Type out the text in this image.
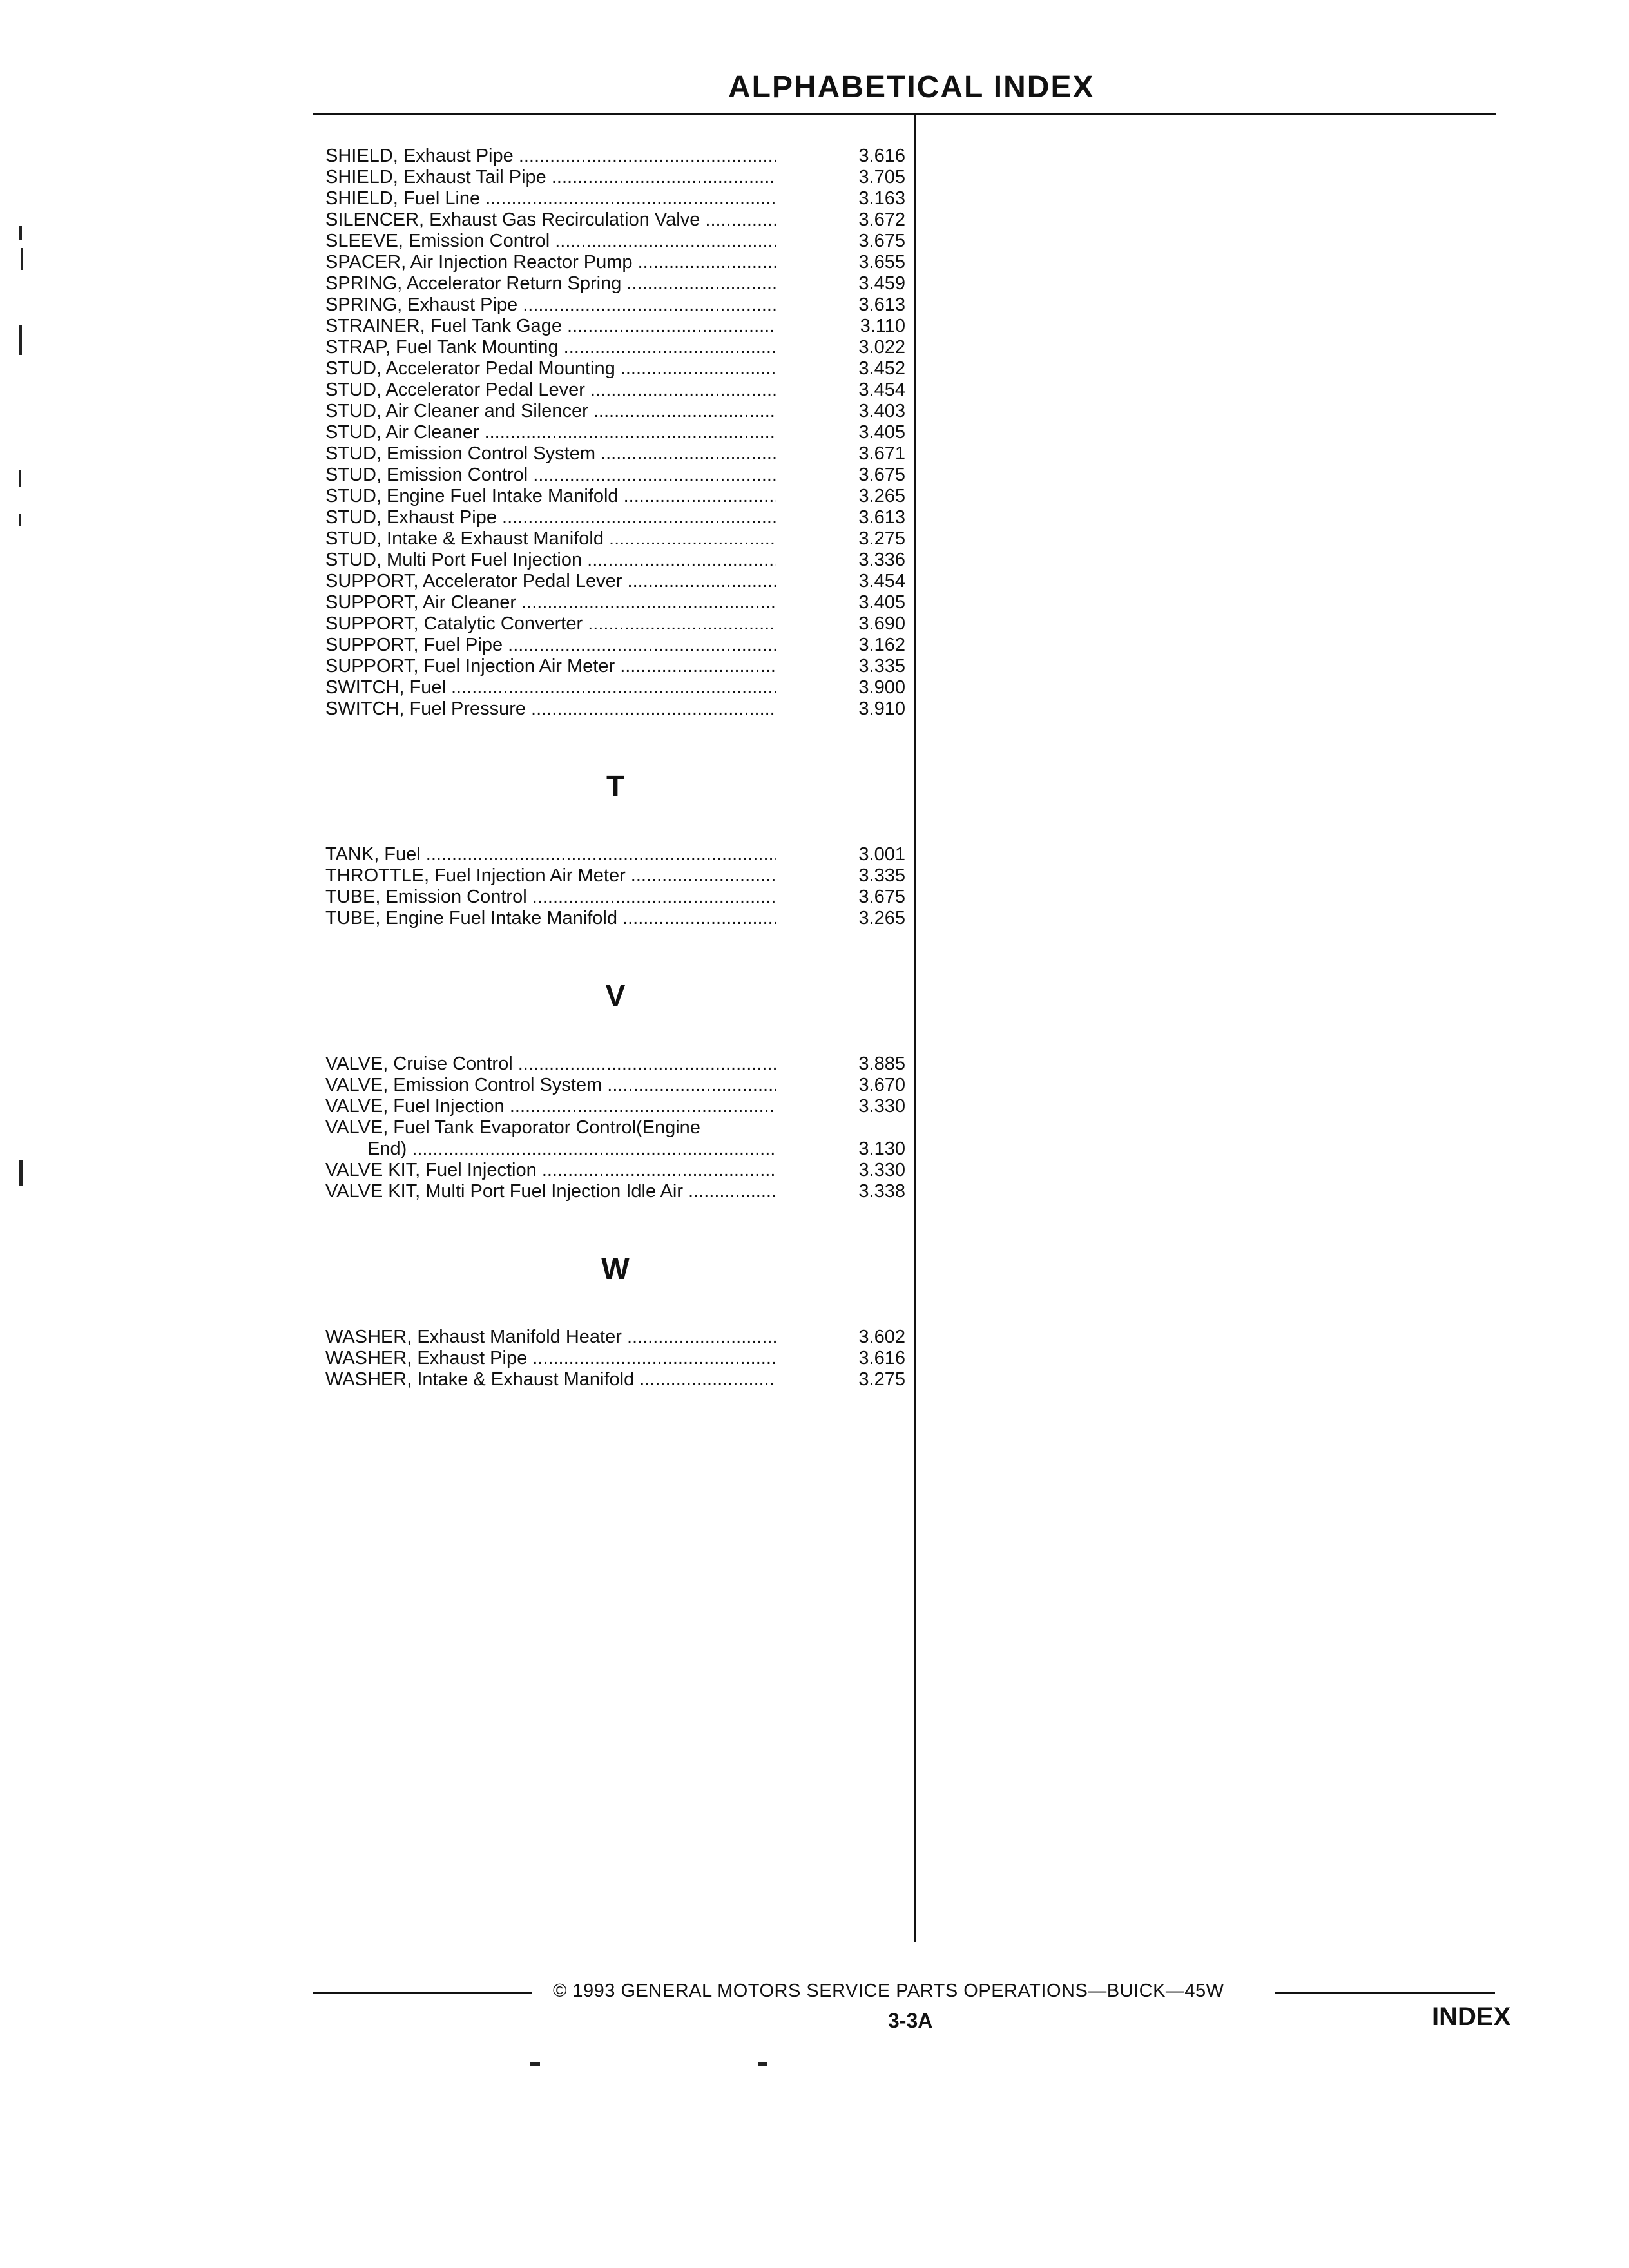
ALPHABETICAL INDEX
SHIELD, Exhaust Pipe .....	3.616
SHIELD, Exhaust Tail Pipe .....	3.705
SHIELD, Fuel Line .....	3.163
SILENCER, Exhaust Gas Recirculation Valve .....	3.672
SLEEVE, Emission Control .....	3.675
SPACER, Air Injection Reactor Pump .....	3.655
SPRING, Accelerator Return Spring .....	3.459
SPRING, Exhaust Pipe .....	3.613
STRAINER, Fuel Tank Gage .....	3.110
STRAP, Fuel Tank Mounting .....	3.022
STUD, Accelerator Pedal Mounting .....	3.452
STUD, Accelerator Pedal Lever .....	3.454
STUD, Air Cleaner and Silencer .....	3.403
STUD, Air Cleaner .....	3.405
STUD, Emission Control System .....	3.671
STUD, Emission Control .....	3.675
STUD, Engine Fuel Intake Manifold .....	3.265
STUD, Exhaust Pipe .....	3.613
STUD, Intake & Exhaust Manifold .....	3.275
STUD, Multi Port Fuel Injection .....	3.336
SUPPORT, Accelerator Pedal Lever .....	3.454
SUPPORT, Air Cleaner .....	3.405
SUPPORT, Catalytic Converter .....	3.690
SUPPORT, Fuel Pipe .....	3.162
SUPPORT, Fuel Injection Air Meter .....	3.335
SWITCH, Fuel .....	3.900
SWITCH, Fuel Pressure .....	3.910
T
TANK, Fuel .....	3.001
THROTTLE, Fuel Injection Air Meter .....	3.335
TUBE, Emission Control .....	3.675
TUBE, Engine Fuel Intake Manifold .....	3.265
V
VALVE, Cruise Control .....	3.885
VALVE, Emission Control System .....	3.670
VALVE, Fuel Injection .....	3.330
VALVE, Fuel Tank Evaporator Control(Engine
End) .....	3.130
VALVE KIT, Fuel Injection .....	3.330
VALVE KIT, Multi Port Fuel Injection Idle Air .....	3.338
W
WASHER, Exhaust Manifold Heater .....	3.602
WASHER, Exhaust Pipe .....	3.616
WASHER, Intake & Exhaust Manifold .....	3.275
© 1993 GENERAL MOTORS SERVICE PARTS OPERATIONS—BUICK—45W
3-3A	INDEX
